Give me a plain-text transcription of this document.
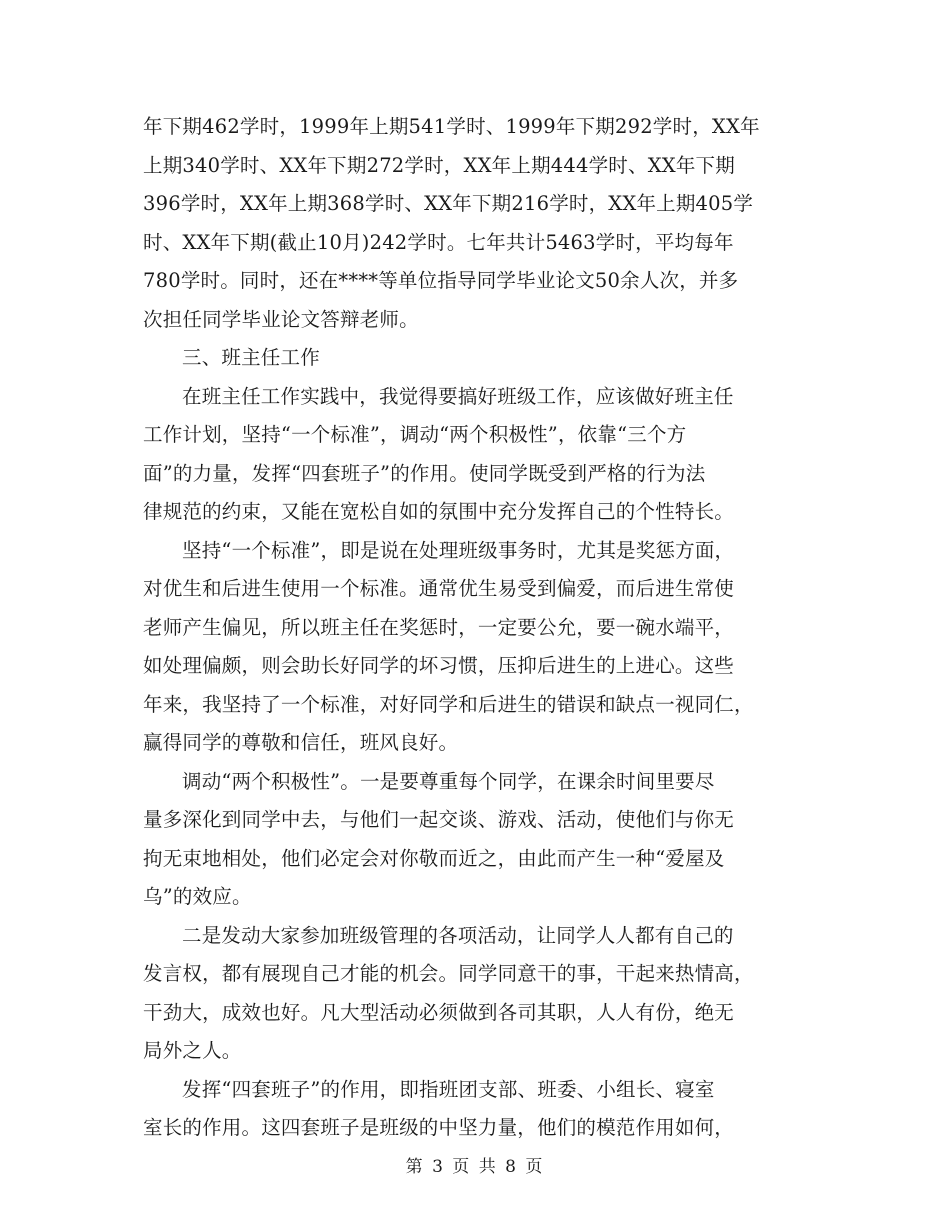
年下期462学时，1999年上期541学时、1999年下期292学时，XX年
上期340学时、XX年下期272学时，XX年上期444学时、XX年下期
396学时，XX年上期368学时、XX年下期216学时，XX年上期405学
时、XX年下期(截止10月)242学时。七年共计5463学时，平均每年
780学时。同时，还在****等单位指导同学毕业论文50余人次，并多
次担任同学毕业论文答辩老师。
三、班主任工作
在班主任工作实践中，我觉得要搞好班级工作，应该做好班主任
工作计划，坚持“一个标准”，调动“两个积极性”，依靠“三个方
面”的力量，发挥“四套班子”的作用。使同学既受到严格的行为法
律规范的约束，又能在宽松自如的氛围中充分发挥自己的个性特长。
坚持“一个标准”，即是说在处理班级事务时，尤其是奖惩方面，
对优生和后进生使用一个标准。通常优生易受到偏爱，而后进生常使
老师产生偏见，所以班主任在奖惩时，一定要公允，要一碗水端平，
如处理偏颇，则会助长好同学的坏习惯，压抑后进生的上进心。这些
年来，我坚持了一个标准，对好同学和后进生的错误和缺点一视同仁，
赢得同学的尊敬和信任，班风良好。
调动“两个积极性”。一是要尊重每个同学，在课余时间里要尽
量多深化到同学中去，与他们一起交谈、游戏、活动，使他们与你无
拘无束地相处，他们必定会对你敬而近之，由此而产生一种“爱屋及
乌”的效应。
二是发动大家参加班级管理的各项活动，让同学人人都有自己的
发言权，都有展现自己才能的机会。同学同意干的事，干起来热情高，
干劲大，成效也好。凡大型活动必须做到各司其职，人人有份，绝无
局外之人。
发挥“四套班子”的作用，即指班团支部、班委、小组长、寝室
室长的作用。这四套班子是班级的中坚力量，他们的模范作用如何，
第 3 页 共 8 页
